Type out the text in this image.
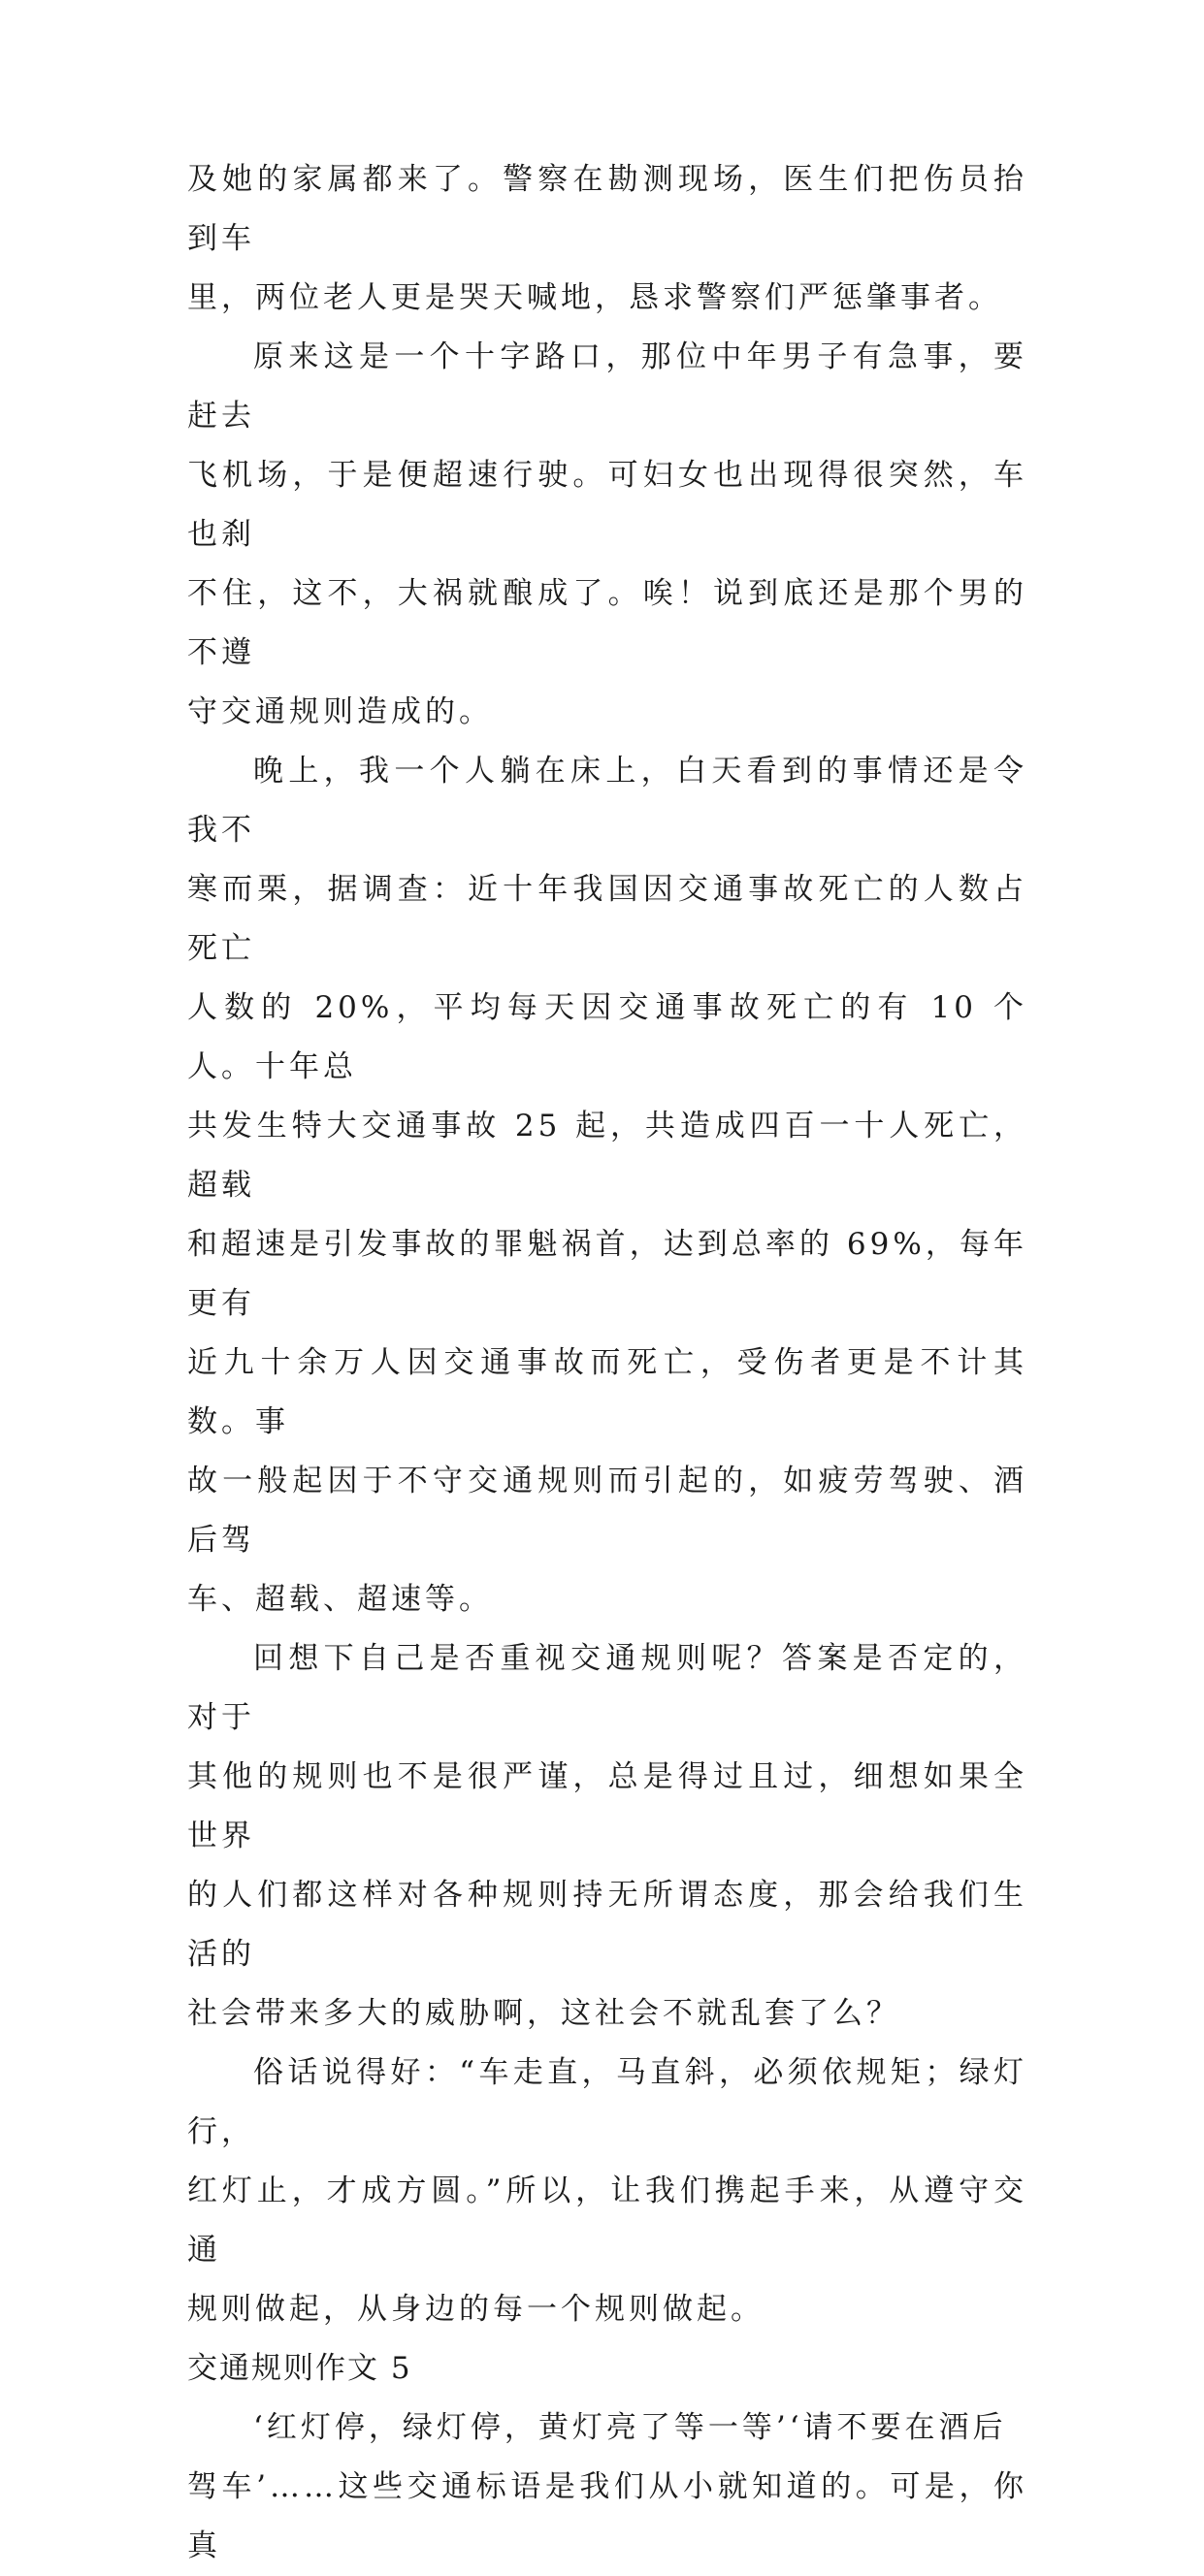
及她的家属都来了。警察在勘测现场，医生们把伤员抬到车
里，两位老人更是哭天喊地，恳求警察们严惩肇事者。

原来这是一个十字路口，那位中年男子有急事，要赶去
飞机场，于是便超速行驶。可妇女也出现得很突然，车也刹
不住，这不，大祸就酿成了。唉！说到底还是那个男的不遵
守交通规则造成的。

晚上，我一个人躺在床上，白天看到的事情还是令我不
寒而栗，据调查：近十年我国因交通事故死亡的人数占死亡
人数的 20%，平均每天因交通事故死亡的有 10 个人。十年总
共发生特大交通事故 25 起，共造成四百一十人死亡，超载
和超速是引发事故的罪魁祸首，达到总率的 69%，每年更有
近九十余万人因交通事故而死亡，受伤者更是不计其数。事
故一般起因于不守交通规则而引起的，如疲劳驾驶、酒后驾
车、超载、超速等。

回想下自己是否重视交通规则呢？答案是否定的，对于
其他的规则也不是很严谨，总是得过且过，细想如果全世界
的人们都这样对各种规则持无所谓态度，那会给我们生活的
社会带来多大的威胁啊，这社会不就乱套了么？

俗话说得好：“车走直，马直斜，必须依规矩；绿灯行，
红灯止，才成方圆。”所以，让我们携起手来，从遵守交通
规则做起，从身边的每一个规则做起。

交通规则作文 5

‘红灯停，绿灯停，黄灯亮了等一等’‘请不要在酒后
驾车’……这些交通标语是我们从小就知道的。可是，你真
